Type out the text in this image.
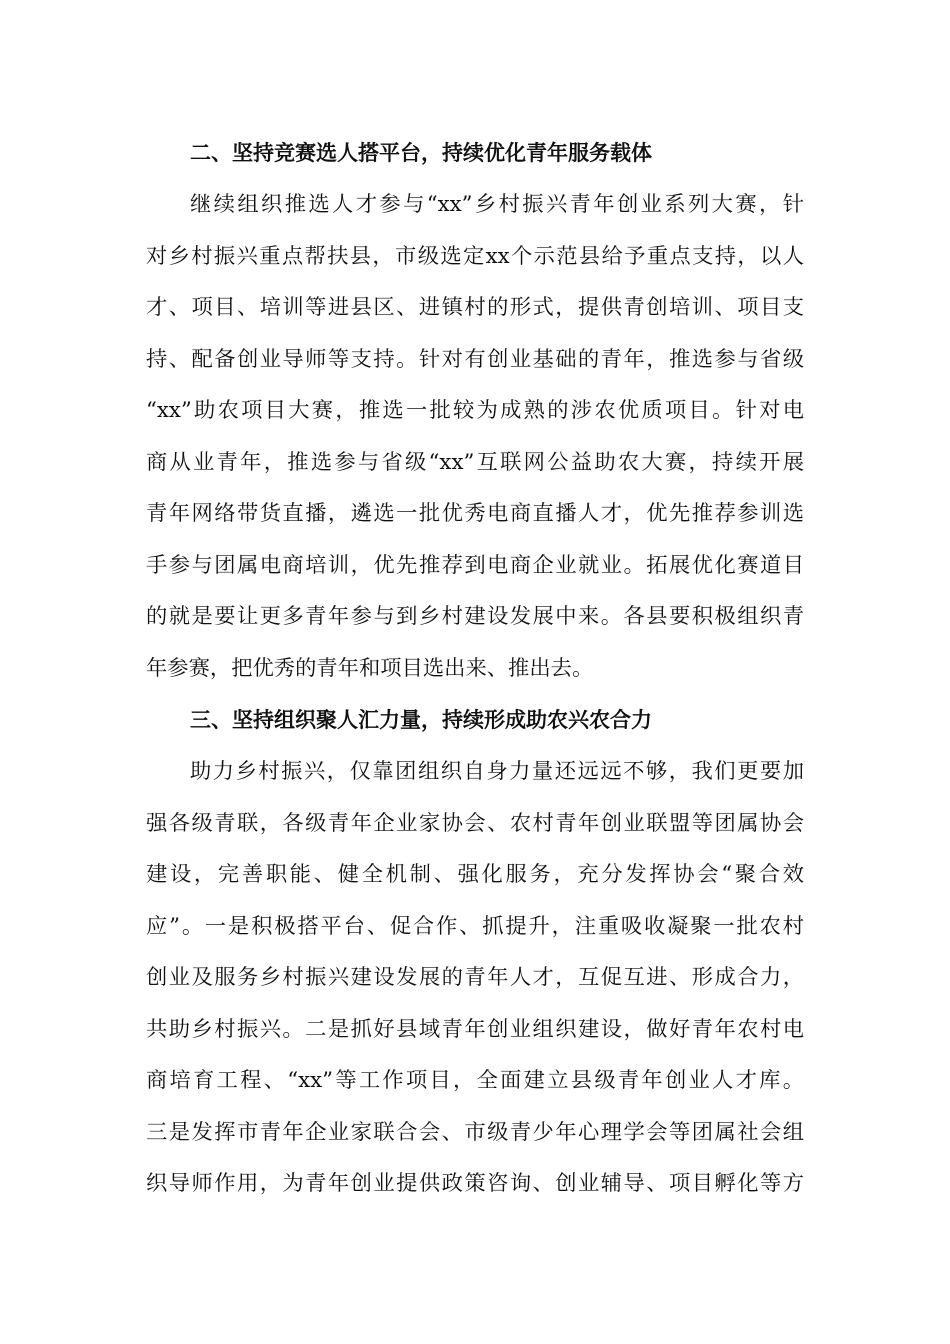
二、坚持竞赛选人搭平台，持续优化青年服务载体
继续组织推选人才参与“xx”乡村振兴青年创业系列大赛，针
对乡村振兴重点帮扶县，市级选定xx个示范县给予重点支持，以人
才、项目、培训等进县区、进镇村的形式，提供青创培训、项目支
持、配备创业导师等支持。针对有创业基础的青年，推选参与省级
“xx”助农项目大赛，推选一批较为成熟的涉农优质项目。针对电
商从业青年，推选参与省级“xx”互联网公益助农大赛，持续开展
青年网络带货直播，遴选一批优秀电商直播人才，优先推荐参训选
手参与团属电商培训，优先推荐到电商企业就业。拓展优化赛道目
的就是要让更多青年参与到乡村建设发展中来。各县要积极组织青
年参赛，把优秀的青年和项目选出来、推出去。
三、坚持组织聚人汇力量，持续形成助农兴农合力
助力乡村振兴，仅靠团组织自身力量还远远不够，我们更要加
强各级青联，各级青年企业家协会、农村青年创业联盟等团属协会
建设，完善职能、健全机制、强化服务，充分发挥协会“聚合效
应”。一是积极搭平台、促合作、抓提升，注重吸收凝聚一批农村
创业及服务乡村振兴建设发展的青年人才，互促互进、形成合力，
共助乡村振兴。二是抓好县域青年创业组织建设，做好青年农村电
商培育工程、“xx”等工作项目，全面建立县级青年创业人才库。
三是发挥市青年企业家联合会、市级青少年心理学会等团属社会组
织导师作用，为青年创业提供政策咨询、创业辅导、项目孵化等方
